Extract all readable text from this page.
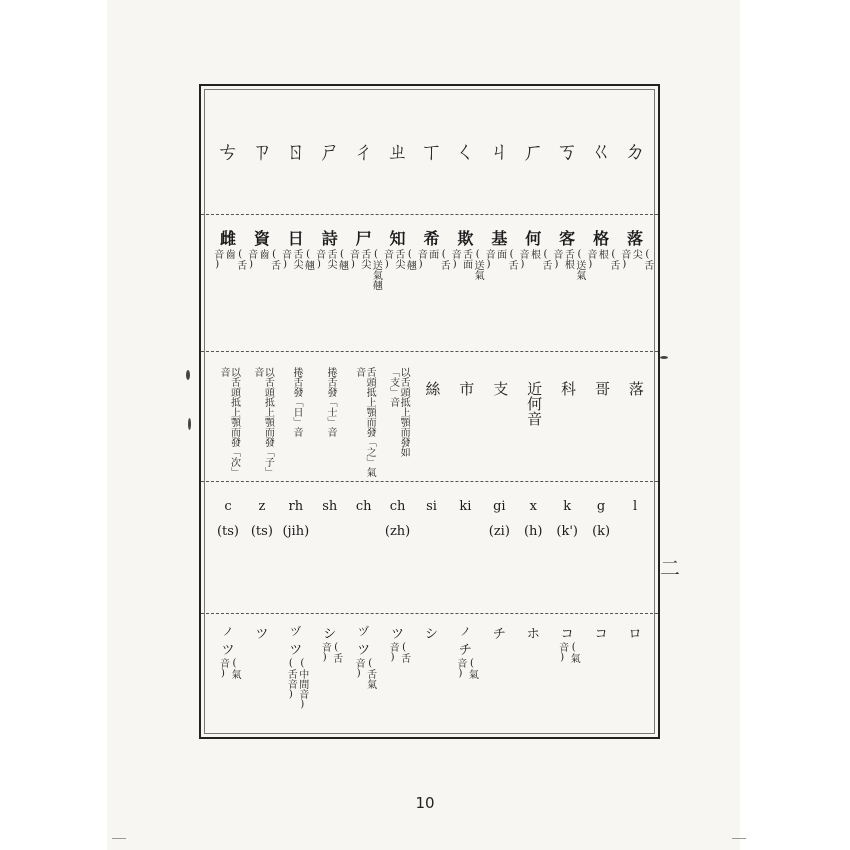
ㄉ
ㄍ
ㄎ
ㄏ
ㄐ
ㄑ
ㄒ
ㄓ
ㄔ
ㄕ
ㄖ
ㄗ
ㄘ
落
(舌
尖
音)
格
(舌
根
音)
客
(送氣
舌根
音)
何
(舌
根
音)
基
(舌
面
音)
欺
(送氣
舌面
音)
希
(舌
面
音)
知
(翹
舌尖
音)
尸
(送氣翹
舌尖
音)
詩
(翹
舌尖
音)
日
(翹
舌尖
音)
資
(舌
齒
音)
雌
(舌
齒
音)
落
哥
科
近何音
支
市
絲
以舌頭抵上顎而發如「支」音
舌頭抵上顎而發「之」氣音
捲舌發「士」音
捲舌發「日」音
以舌頭抵上顎而發「子」音
以舌頭抵上顎而發「次」音
l
g
(k)
k
(k')
x
(h)
gi
(zi)
ki
si
ch
(zh)
ch
sh
rh
(jih)
z
(ts)
c
(ts)
ロ
コ
コ
(氣
音)
ホ
チ
ノ
チ
(氣
音)
シ
ツ
(舌
音)
ヅ
ツ
(舌氣
音)
シ
(舌
音)
ヅ
ツ
(中間音)
(舌音)
ツ
ノ
ツ
(氣
音)
二
10
